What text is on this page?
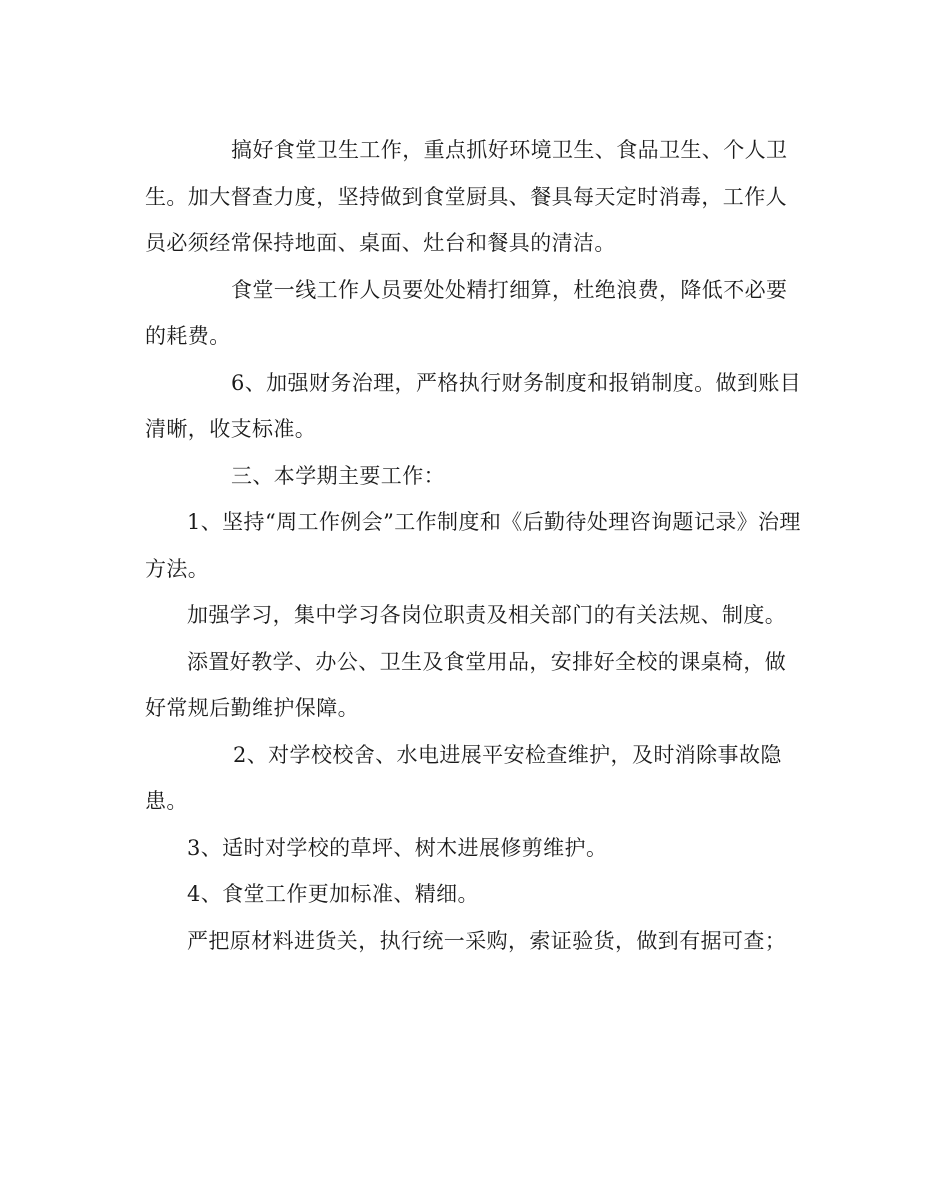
搞好食堂卫生工作，重点抓好环境卫生、食品卫生、个人卫生。加大督查力度，坚持做到食堂厨具、餐具每天定时消毒，工作人员必须经常保持地面、桌面、灶台和餐具的清洁。

食堂一线工作人员要处处精打细算，杜绝浪费，降低不必要的耗费。

6、加强财务治理，严格执行财务制度和报销制度。做到账目清晰，收支标准。

三、本学期主要工作：

1、坚持“周工作例会”工作制度和《后勤待处理咨询题记录》治理方法。

加强学习，集中学习各岗位职责及相关部门的有关法规、制度。

添置好教学、办公、卫生及食堂用品，安排好全校的课桌椅，做好常规后勤维护保障。

2、对学校校舍、水电进展平安检查维护，及时消除事故隐患。

3、适时对学校的草坪、树木进展修剪维护。

4、食堂工作更加标准、精细。

严把原材料进货关，执行统一采购，索证验货，做到有据可查；
